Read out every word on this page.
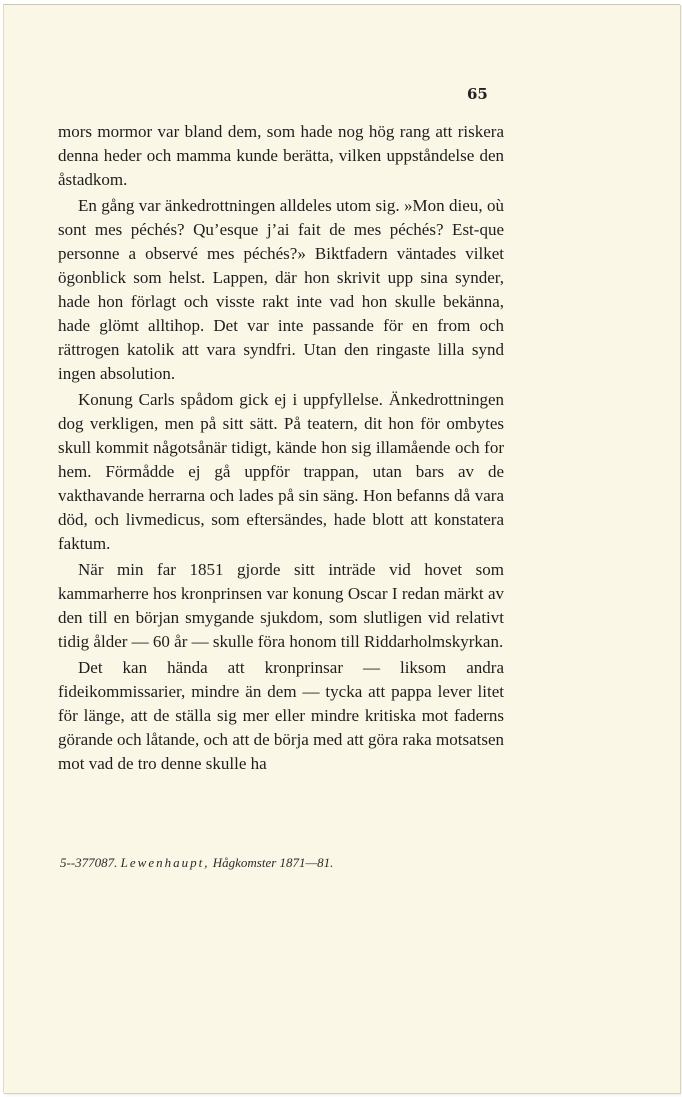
65

mors mormor var bland dem, som hade nog hög rang att riskera denna heder och mamma kunde berätta, vilken uppståndelse den åstadkom.

En gång var änkedrottningen alldeles utom sig. »Mon dieu, où sont mes péchés? Qu’esque j’ai fait de mes péchés? Est-que personne a observé mes péchés?» Biktfadern väntades vilket ögonblick som helst. Lappen, där hon skrivit upp sina synder, hade hon förlagt och visste rakt inte vad hon skulle bekänna, hade glömt alltihop. Det var inte passande för en from och rättrogen katolik att vara syndfri. Utan den ringaste lilla synd ingen absolution.

Konung Carls spådom gick ej i uppfyllelse. Änkedrottningen dog verkligen, men på sitt sätt. På teatern, dit hon för ombytes skull kommit någotsånär tidigt, kände hon sig illamående och for hem. Förmådde ej gå uppför trappan, utan bars av de vakthavande herrarna och lades på sin säng. Hon befanns då vara död, och livmedicus, som eftersändes, hade blott att konstatera faktum.

När min far 1851 gjorde sitt inträde vid hovet som kammarherre hos kronprinsen var konung Oscar I redan märkt av den till en början smygande sjukdom, som slutligen vid relativt tidig ålder — 60 år — skulle föra honom till Riddarholmskyrkan.

Det kan hända att kronprinsar — liksom andra fideikommissarier, mindre än dem — tycka att pappa lever litet för länge, att de ställa sig mer eller mindre kritiska mot faderns görande och låtande, och att de börja med att göra raka motsatsen mot vad de tro denne skulle ha

5--377087. Lewenhaupt, Hågkomster 1871—81.
